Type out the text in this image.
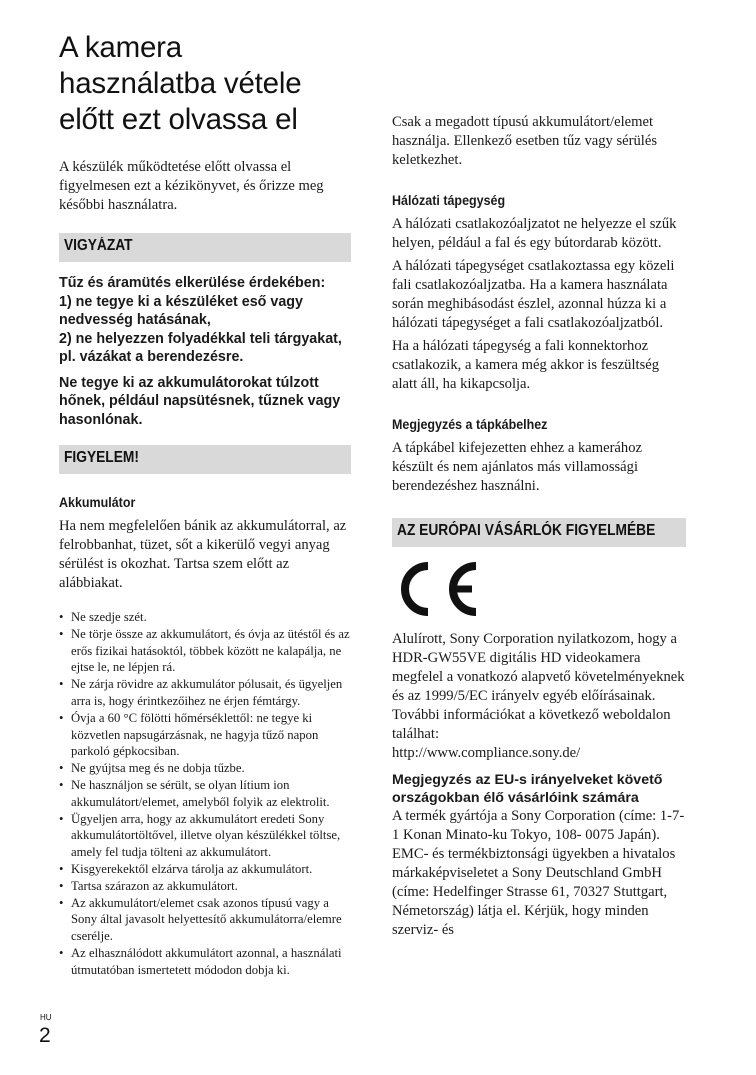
A kamera
használatba vétele
előtt ezt olvassa el

A készülék működtetése előtt olvassa el figyelmesen ezt a kézikönyvet, és őrizze meg későbbi használatra.

VIGYÁZAT

Tűz és áramütés elkerülése érdekében:
1) ne tegye ki a készüléket eső vagy nedvesség hatásának,
2) ne helyezzen folyadékkal teli tárgyakat, pl. vázákat a berendezésre.

Ne tegye ki az akkumulátorokat túlzott hőnek, például napsütésnek, tűznek vagy hasonlónak.

FIGYELEM!
Akkumulátor

Ha nem megfelelően bánik az akkumulátorral, az felrobbanhat, tüzet, sőt a kikerülő vegyi anyag sérülést is okozhat. Tartsa szem előtt az alábbiakat.

• Ne szedje szét.
• Ne törje össze az akkumulátort, és óvja az ütéstől és az erős fizikai hatásoktól, többek között ne kalapálja, ne ejtse le, ne lépjen rá.
• Ne zárja rövidre az akkumulátor pólusait, és ügyeljen arra is, hogy érintkezőihez ne érjen fémtárgy.
• Óvja a 60 °C fölötti hőmérséklettől: ne tegye ki közvetlen napsugárzásnak, ne hagyja tűző napon parkoló gépkocsiban.
• Ne gyújtsa meg és ne dobja tűzbe.
• Ne használjon se sérült, se olyan lítium ion akkumulátort/elemet, amelyből folyik az elektrolit.
• Ügyeljen arra, hogy az akkumulátort eredeti Sony akkumulátortöltővel, illetve olyan készülékkel töltse, amely fel tudja tölteni az akkumulátort.
• Kisgyerekektől elzárva tárolja az akkumulátort.
• Tartsa szárazon az akkumulátort.
• Az akkumulátort/elemet csak azonos típusú vagy a Sony által javasolt helyettesítő akkumulátorra/elemre cserélje.
• Az elhasználódott akkumulátort azonnal, a használati útmutatóban ismertetett módodon dobja ki.

Csak a megadott típusú akkumulátort/elemet használja. Ellenkező esetben tűz vagy sérülés keletkezhet.

Hálózati tápegység

A hálózati csatlakozóaljzatot ne helyezze el szűk helyen, például a fal és egy bútordarab között.

A hálózati tápegységet csatlakoztassa egy közeli fali csatlakozóaljzatba. Ha a kamera használata során meghibásodást észlel, azonnal húzza ki a hálózati tápegységet a fali csatlakozóaljzatból.

Ha a hálózati tápegység a fali konnektorhoz csatlakozik, a kamera még akkor is feszültség alatt áll, ha kikapcsolja.

Megjegyzés a tápkábelhez

A tápkábel kifejezetten ehhez a kamerához készült és nem ajánlatos más villamossági berendezéshez használni.

AZ EURÓPAI VÁSÁRLÓK FIGYELMÉBE

Alulírott, Sony Corporation nyilatkozom, hogy a HDR-GW55VE digitális HD videokamera megfelel a vonatkozó alapvető követelményeknek és az 1999/5/EC irányelv egyéb előírásainak. További információkat a következő weboldalon találhat:
http://www.compliance.sony.de/

Megjegyzés az EU-s irányelveket követő országokban élő vásárlóink számára

A termék gyártója a Sony Corporation (címe: 1-7-1 Konan Minato-ku Tokyo, 108- 0075 Japán). EMC- és termékbiztonsági ügyekben a hivatalos márkaképviseletet a Sony Deutschland GmbH (címe: Hedelfinger Strasse 61, 70327 Stuttgart, Németország) látja el. Kérjük, hogy minden szerviz- és

HU
2
